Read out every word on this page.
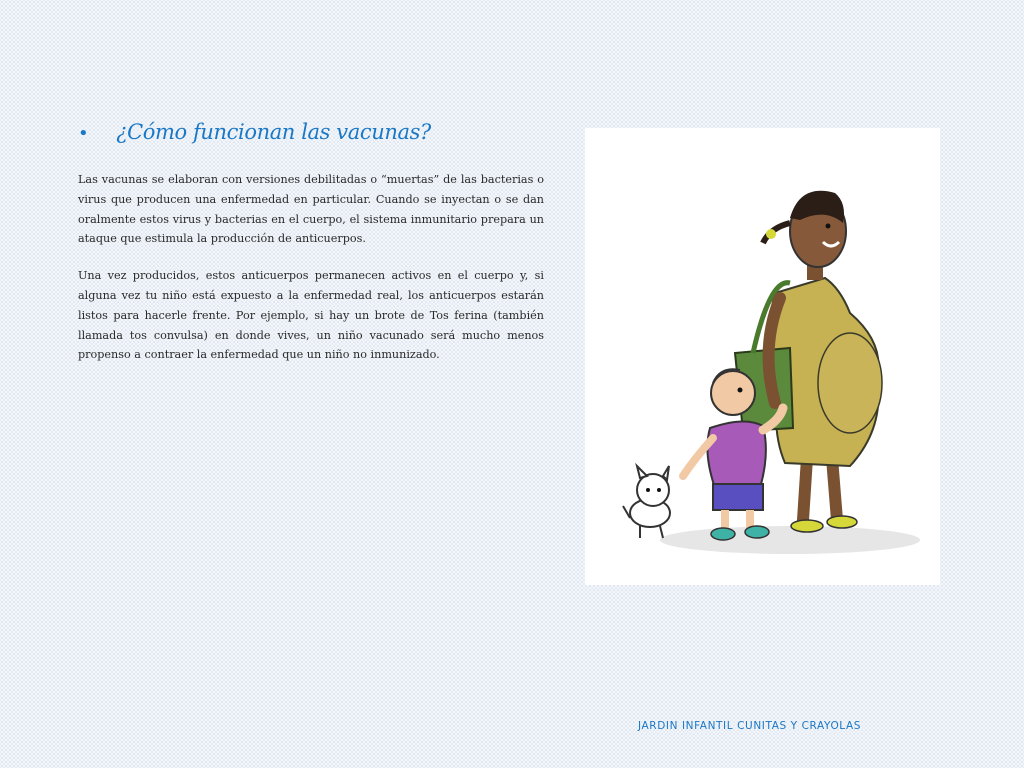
• ¿Cómo funcionan las vacunas?

Las vacunas se elaboran con versiones debilitadas o “muertas” de las bacterias o virus que producen una enfermedad en particular. Cuando se inyectan o se dan oralmente estos virus y bacterias en el cuerpo, el sistema inmunitario prepara un ataque que estimula la producción de anticuerpos.

Una vez producidos, estos anticuerpos permanecen activos en el cuerpo y, si alguna vez tu niño está expuesto a la enfermedad real, los anticuerpos estarán listos para hacerle frente. Por ejemplo, si hay un brote de Tos ferina (también llamada tos convulsa) en donde vives, un niño vacunado será mucho menos propenso a contraer la enfermedad que un niño no inmunizado.

JARDIN INFANTIL CUNITAS Y CRAYOLAS
